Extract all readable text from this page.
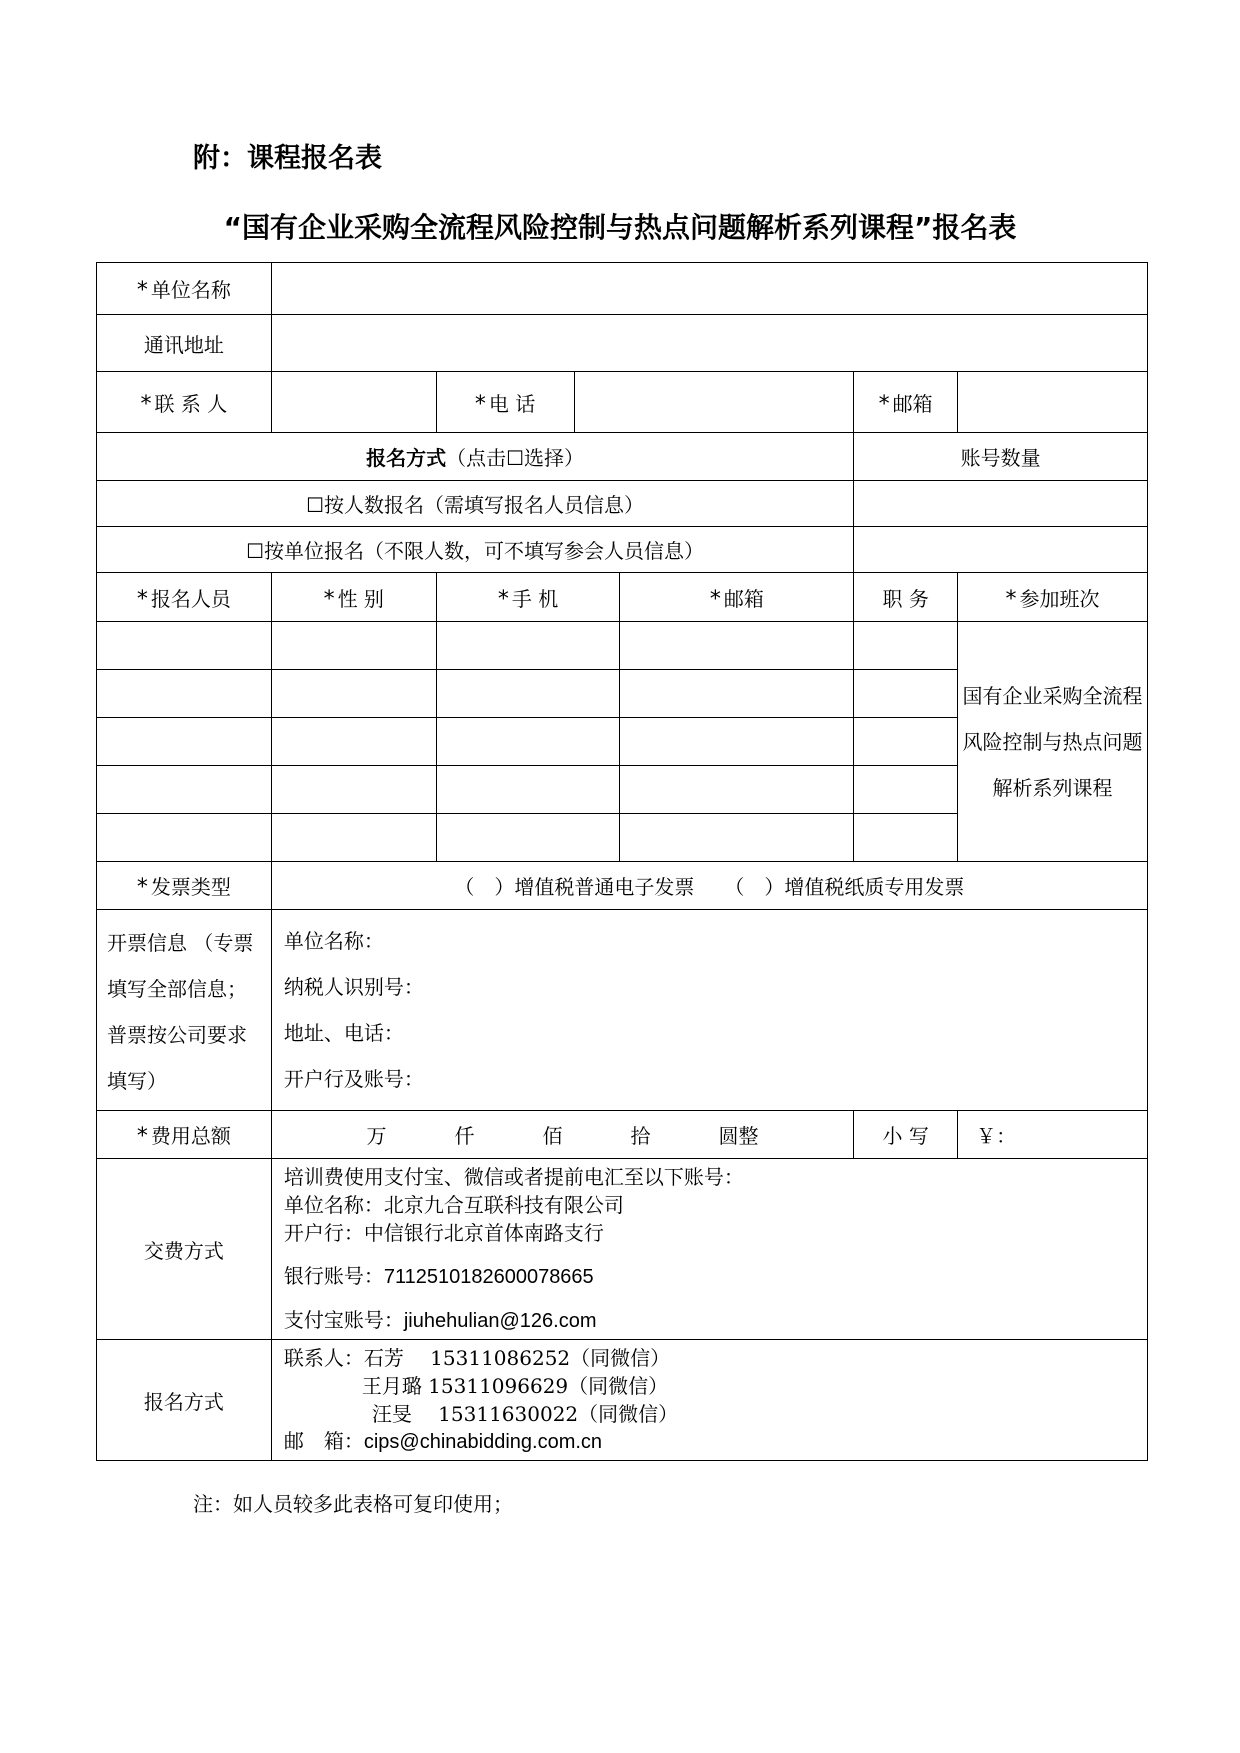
附：课程报名表
“国有企业采购全流程风险控制与热点问题解析系列课程”报名表
* 单位名称						
通讯地址						
* 联 系 人		* 电 话			* 邮箱	
报名方式（点击☐选择）					账号数量	
☐按人数报名（需填写报名人员信息）						
☐按单位报名（不限人数，可不填写参会人员信息）						
* 报名人员	* 性 别	* 手 机		* 邮箱	职 务	* 参加班次

						国有企业采购全流程
风险控制与热点问题
解析系列课程

* 发票类型	（　）增值税普通电子发票　　（　）增值税纸质专用发票					
开票信息 （专票填写全部信息；普票按公司要求填写）	单位名称：
纳税人识别号：
地址、电话：
开户行及账号：					

* 费用总额	万 仟 佰 拾 圆整				小 写	￥：
交费方式	培训费使用支付宝、微信或者提前电汇至以下账号：
单位名称：北京九合互联科技有限公司
开户行：中信银行北京首体南路支行
银行账号：7112510182600078665
支付宝账号：jiuhehulian@126.com					

报名方式	联系人：石芳　 15311086252（同微信）
王月璐 15311096629（同微信）
汪旻　 15311630022（同微信）
邮　箱：cips@chinabidding.com.cn					
注：如人员较多此表格可复印使用；
